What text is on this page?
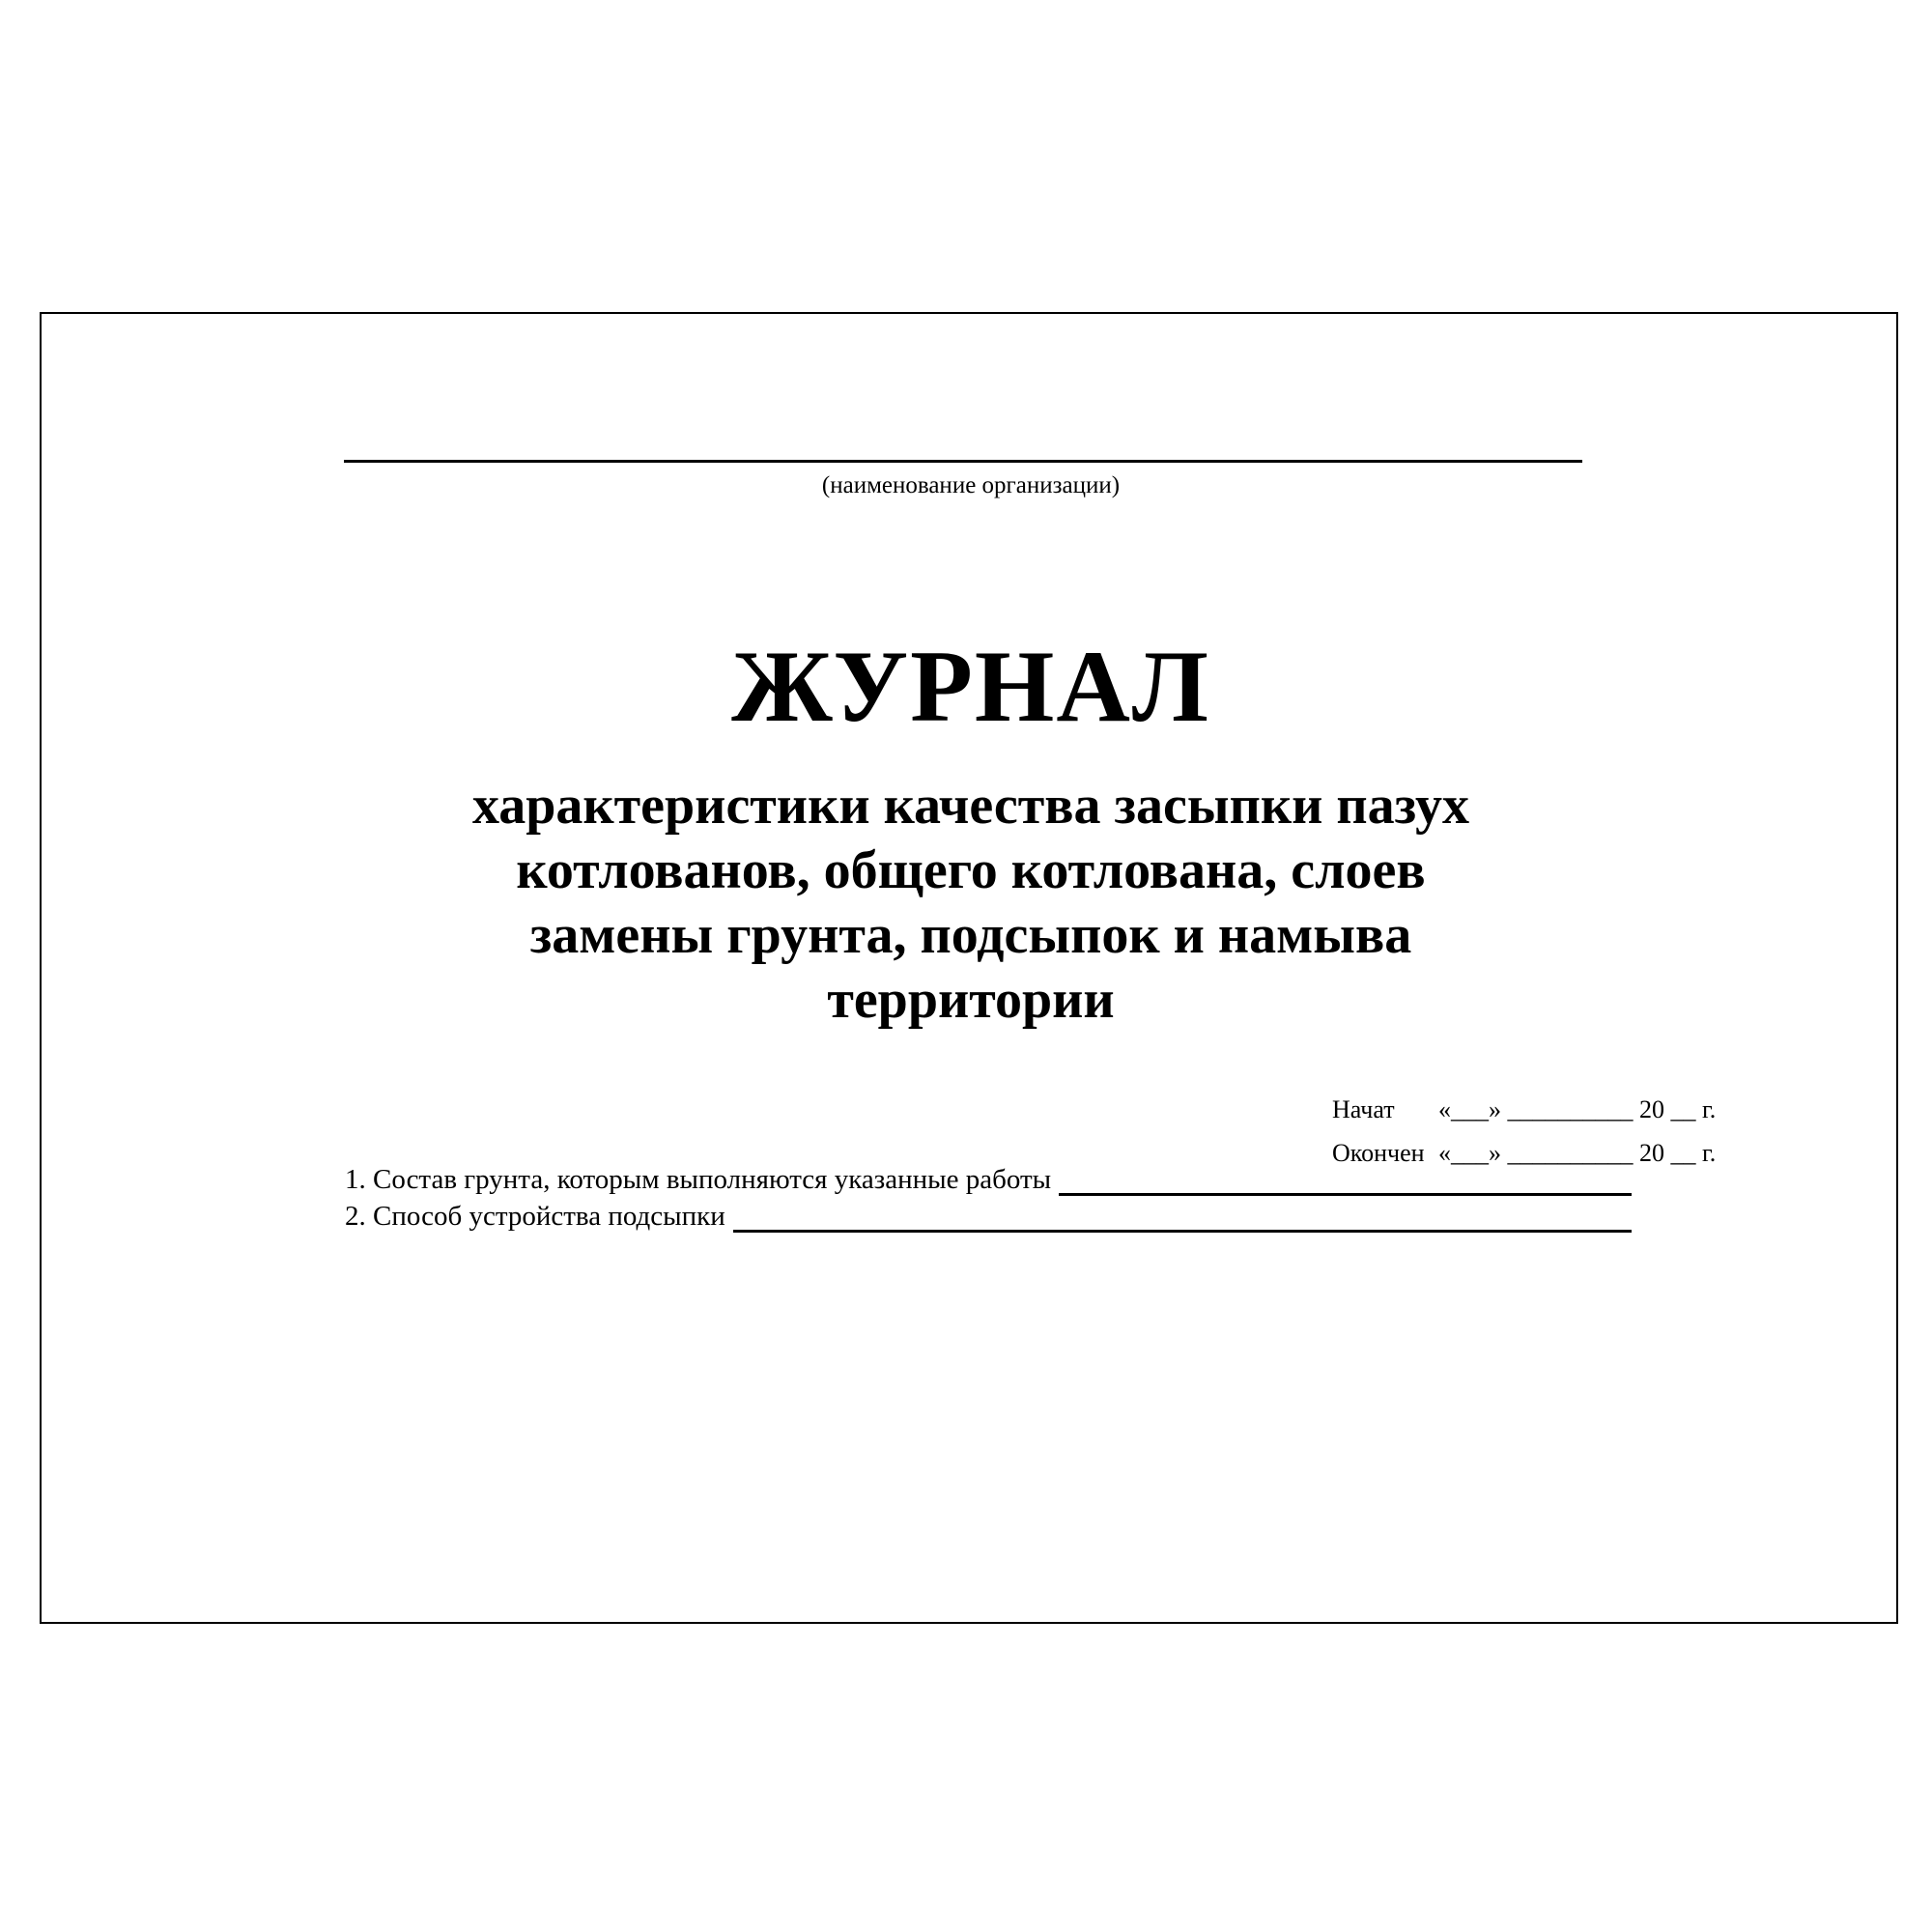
(наименование организации)
ЖУРНАЛ
характеристики качества засыпки пазух
котлованов, общего котлована, слоев
замены грунта, подсыпок и намыва
территории
1. Состав грунта, которым выполняются указанные работы
2. Способ устройства подсыпки
Начат «___» __________ 20 __ г.
Окончен «___» __________ 20 __ г.
